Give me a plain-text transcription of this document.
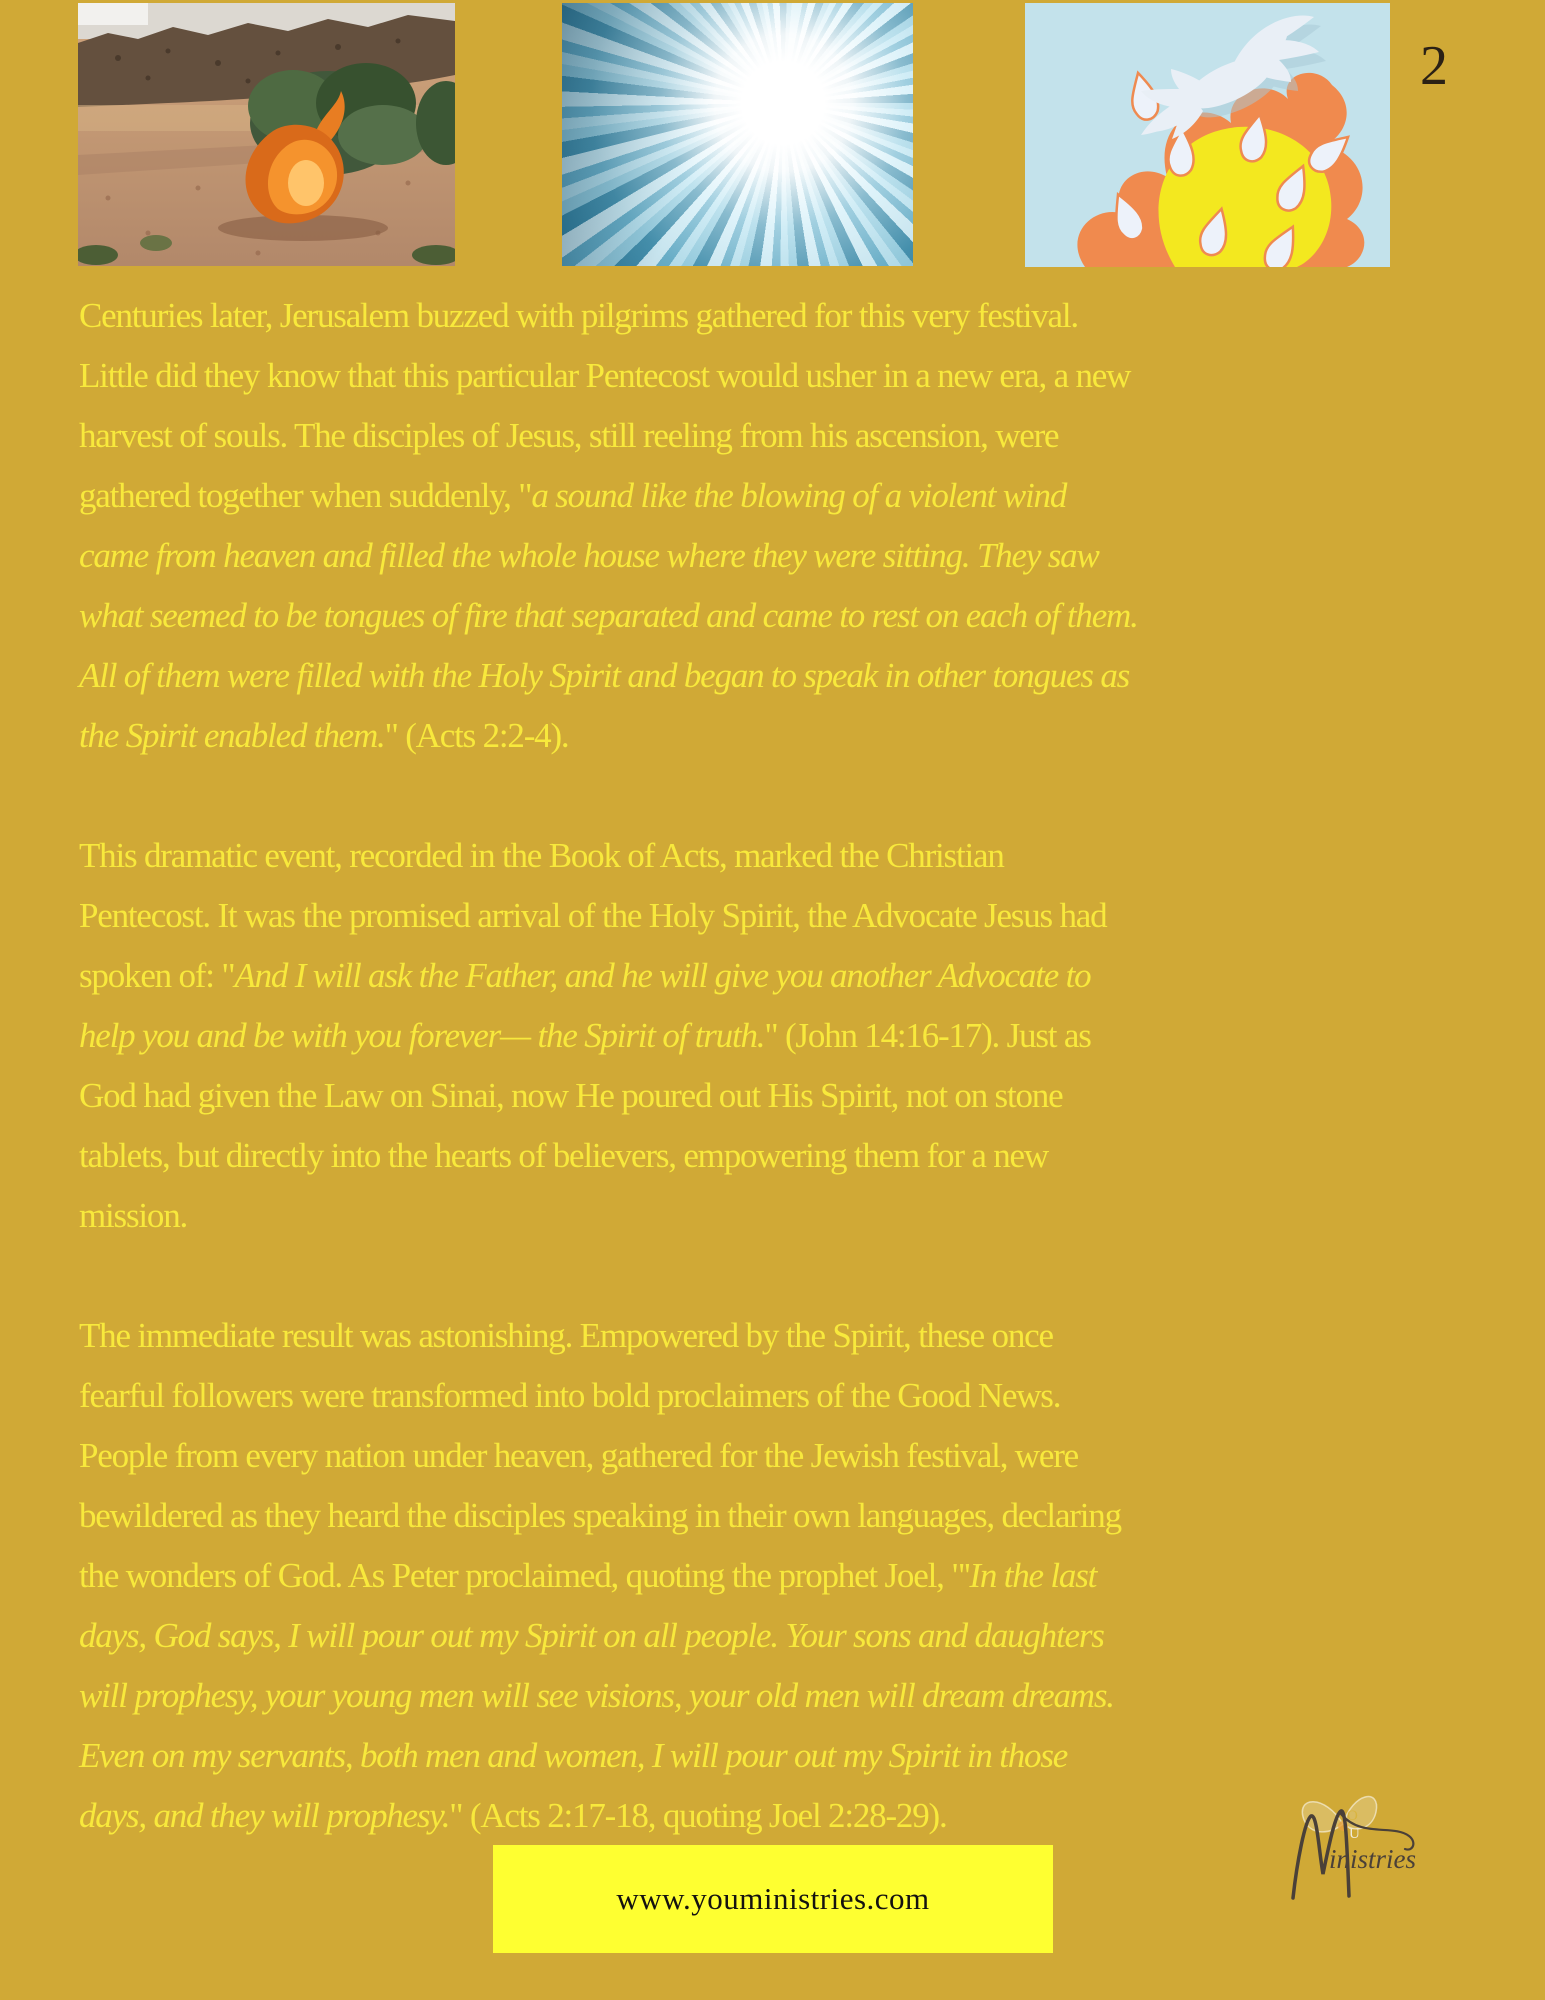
2

Centuries later, Jerusalem buzzed with pilgrims gathered for this very festival. Little did they know that this particular Pentecost would usher in a new era, a new harvest of souls. The disciples of Jesus, still reeling from his ascension, were gathered together when suddenly, "a sound like the blowing of a violent wind came from heaven and filled the whole house where they were sitting. They saw what seemed to be tongues of fire that separated and came to rest on each of them. All of them were filled with the Holy Spirit and began to speak in other tongues as the Spirit enabled them." (Acts 2:2-4).

This dramatic event, recorded in the Book of Acts, marked the Christian Pentecost. It was the promised arrival of the Holy Spirit, the Advocate Jesus had spoken of: "And I will ask the Father, and he will give you another Advocate to help you and be with you forever— the Spirit of truth." (John 14:16-17). Just as God had given the Law on Sinai, now He poured out His Spirit, not on stone tablets, but directly into the hearts of believers, empowering them for a new mission.

The immediate result was astonishing. Empowered by the Spirit, these once fearful followers were transformed into bold proclaimers of the Good News. People from every nation under heaven, gathered for the Jewish festival, were bewildered as they heard the disciples speaking in their own languages, declaring the wonders of God. As Peter proclaimed, quoting the prophet Joel, "'In the last days, God says, I will pour out my Spirit on all people. Your sons and daughters will prophesy, your young men will see visions, your old men will dream dreams. Even on my servants, both men and women, I will pour out my Spirit in those days, and they will prophesy." (Acts 2:17-18, quoting Joel 2:28-29).

www.youministries.com
O
U
inistries
